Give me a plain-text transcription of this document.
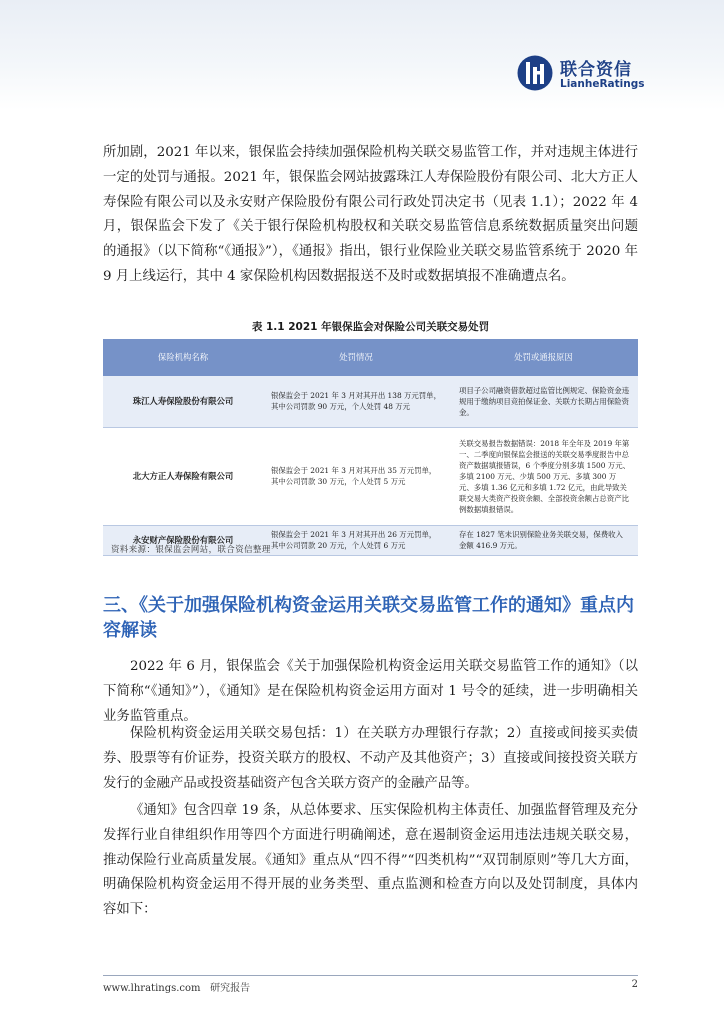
联合资信
LianheRatings

所加剧，2021 年以来，银保监会持续加强保险机构关联交易监管工作，并对违规主体进行一定的处罚与通报。2021 年，银保监会网站披露珠江人寿保险股份有限公司、北大方正人寿保险有限公司以及永安财产保险股份有限公司行政处罚决定书（见表 1.1）；2022 年 4 月，银保监会下发了《关于银行保险机构股权和关联交易监管信息系统数据质量突出问题的通报》（以下简称“《通报》”），《通报》指出，银行业保险业关联交易监管系统于 2020 年 9 月上线运行，其中 4 家保险机构因数据报送不及时或数据填报不准确遭点名。

表 1.1 2021 年银保监会对保险公司关联交易处罚
保险机构名称	处罚情况	处罚或通报原因
珠江人寿保险股份有限公司	银保监会于 2021 年 3 月对其开出 138 万元罚单，其中公司罚款 90 万元，个人处罚 48 万元	项目子公司融资借款超过监管比例规定、保险资金违规用于缴纳项目竞拍保证金、关联方长期占用保险资金。
北大方正人寿保险有限公司	银保监会于 2021 年 3 月对其开出 35 万元罚单，其中公司罚款 30 万元，个人处罚 5 万元	关联交易报告数据错误：2018 年全年及 2019 年第一、二季度向银保监会报送的关联交易季度报告中总资产数据填报错误，6 个季度分别多填 1500 万元、多填 2100 万元、少填 500 万元、多填 300 万元、多填 1.36 亿元和多填 1.72 亿元，由此导致关联交易大类资产投资余额、全部投资余额占总资产比例数据填报错误。
永安财产保险股份有限公司	银保监会于 2021 年 3 月对其开出 26 万元罚单，其中公司罚款 20 万元，个人处罚 6 万元	存在 1827 笔未识别保险业务关联交易，保费收入金额 416.9 万元。
资料来源：银保监会网站，联合资信整理
三、《关于加强保险机构资金运用关联交易监管工作的通知》重点内容解读

2022 年 6 月，银保监会《关于加强保险机构资金运用关联交易监管工作的通知》（以下简称“《通知》”），《通知》是在保险机构资金运用方面对 1 号令的延续，进一步明确相关业务监管重点。

保险机构资金运用关联交易包括：1）在关联方办理银行存款；2）直接或间接买卖债券、股票等有价证券，投资关联方的股权、不动产及其他资产；3）直接或间接投资关联方发行的金融产品或投资基础资产包含关联方资产的金融产品等。

《通知》包含四章 19 条，从总体要求、压实保险机构主体责任、加强监督管理及充分发挥行业自律组织作用等四个方面进行明确阐述，意在遏制资金运用违法违规关联交易，推动保险行业高质量发展。《通知》重点从“四不得”“四类机构”“双罚制原则”等几大方面，明确保险机构资金运用不得开展的业务类型、重点监测和检查方向以及处罚制度，具体内容如下：

www.lhratings.com 研究报告	2
